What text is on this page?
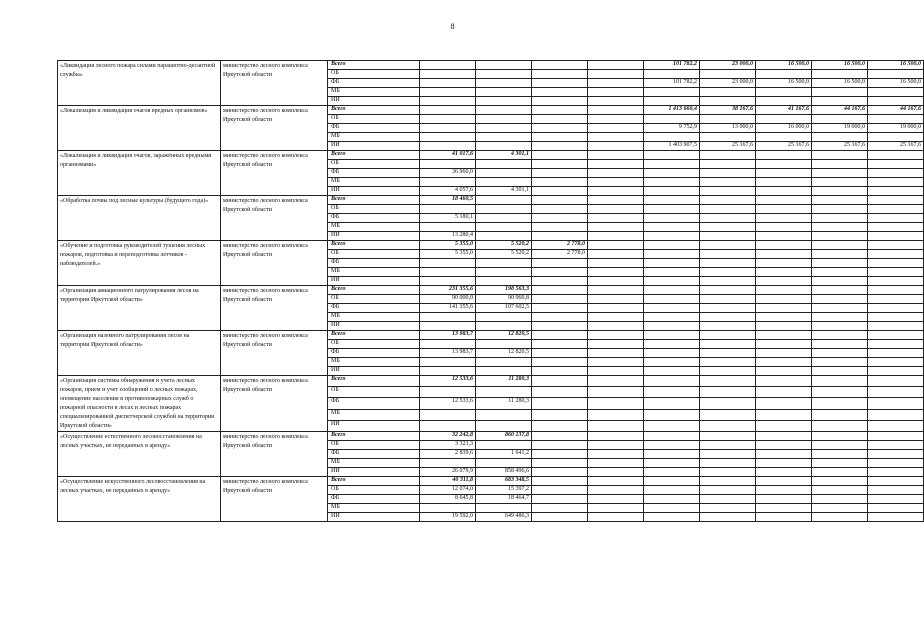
8
«Ликвидация лесного пожара силами парашютно-десантной службы»	министерство лесного комплекса Иркутской области	Всего					101 782,2	23 000,0	16 500,0	16 500,0	16 500,0
		ОБ									
		ФБ					101 782,2	23 000,0	16 500,0	16 500,0	16 500,0
		МБ									
		ИИ									
«Локализация и ликвидация очагов вредных организмов»	министерство лесного комплекса Иркутской области	Всего					1 413 660,4	38 167,6	41 167,6	44 167,6	44 167,6
		ОБ									
		ФБ					9 752,9	13 000,0	16 000,0	19 000,0	19 000,0
		МБ									
		ИИ					1 403 907,5	25 167,6	25 167,6	25 167,6	25 167,6
«Локализация и ликвидация очагов, заражённых вредными организмами»	министерство лесного комплекса Иркутской области	Всего	41 017,6	4 301,1							
		ОБ									
		ФБ	36 960,0								
		МБ									
		ИИ	4 057,6	4 301,1							
«Обработка почвы под лесные культуры (будущего года)»	министерство лесного комплекса Иркутской области	Всего	18 460,5								
		ОБ									
		ФБ	5 180,1								
		МБ									
		ИИ	13 280,4								
«Обучение и подготовка руководителей тушения лесных пожаров, подготовка и переподготовка летчиков - наблюдателей.»	министерство лесного комплекса Иркутской области	Всего	5 355,0	5 520,2	2 778,0						
		ОБ	5 355,0	5 520,2	2 778,0						
		ФБ									
		МБ									
		ИИ									
«Организация авиационного патрулирования лесов на территории Иркутской области»	министерство лесного комплекса Иркутской области	Всего	231 355,6	198 563,3							
		ОБ	90 000,0	90 960,8							
		ФБ	141 355,6	107 602,5							
		МБ									
		ИИ									
«Организация наземного патрулирования лесов на территории Иркутской области»	министерство лесного комплекса Иркутской области	Всего	13 983,7	12 820,5							
		ОБ									
		ФБ	13 983,7	12 820,5							
		МБ									
		ИИ									
«Организация системы обнаружения и учета лесных пожаров, прием и учет сообщений о лесных пожарах, оповещение населения и противопожарных служб о пожарной опасности в лесах и лесных пожарах специализированной диспетчерской службой на территории Иркутской области»	министерство лесного комплекса Иркутской области	Всего	12 533,6	11 280,3							
		ОБ									
		ФБ	12 533,6	11 280,3							
		МБ									
		ИИ									
«Осуществление естественного лесовосстановления на лесных участках, не переданных в аренду»	министерство лесного комплекса Иркутской области	Всего	32 242,8	860 137,8							
		ОБ	3 323,3								
		ФБ	2 839,6	1 641,2							
		МБ									
		ИИ	26 079,9	858 496,6							
«Осуществление искусственного лесовосстановления на лесных участках, не переданных в аренду»	министерство лесного комплекса Иркутской области	Всего	40 311,8	683 348,5							
		ОБ	12 074,0	15 397,2							
		ФБ	8 645,8	18 464,7							
		МБ									
		ИИ	19 592,0	649 486,3							
